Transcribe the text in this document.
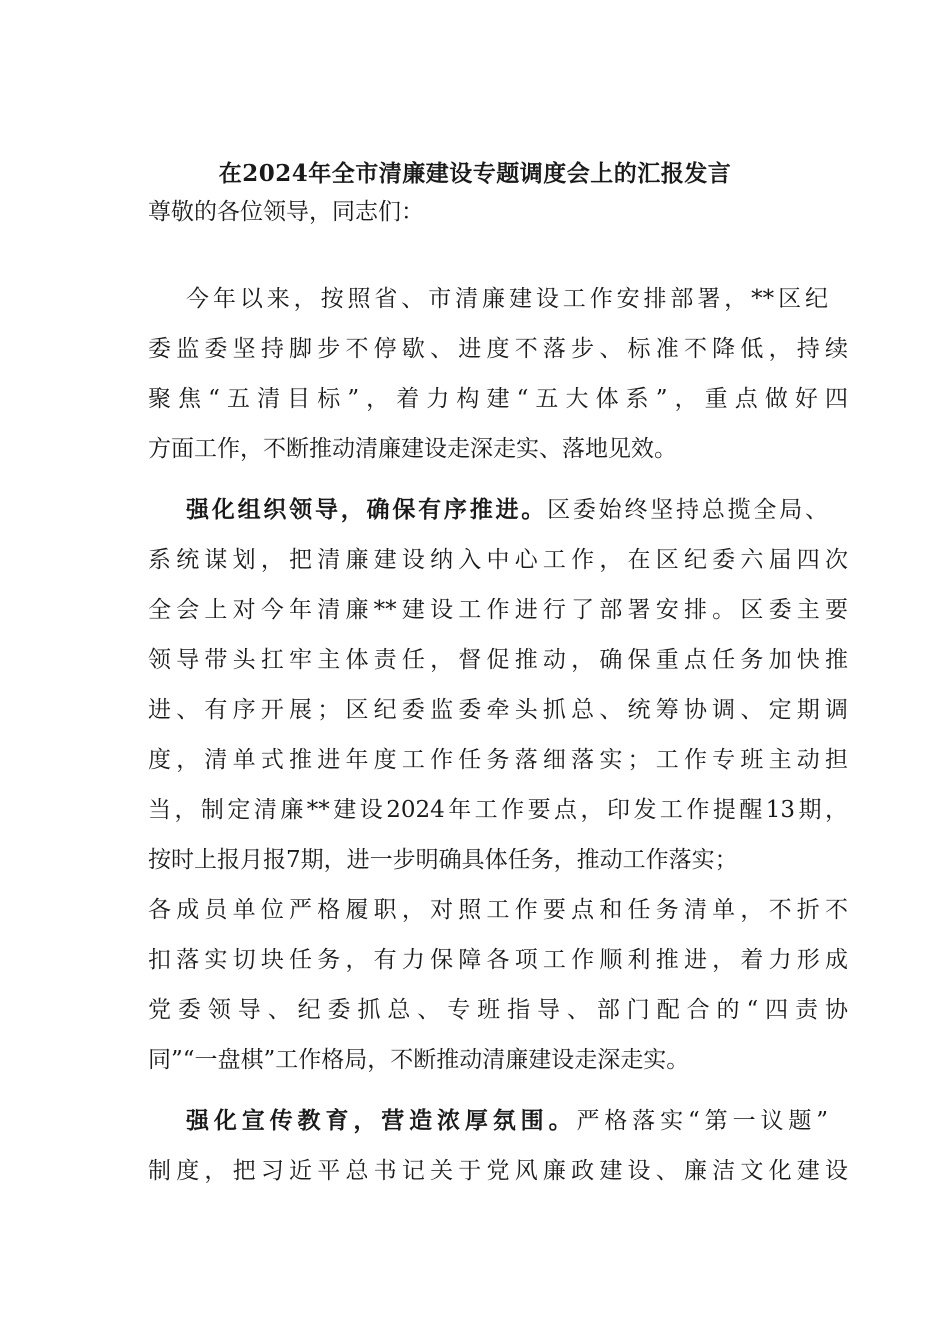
在2024年全市清廉建设专题调度会上的汇报发言

尊敬的各位领导，同志们：

今年以来，按照省、市清廉建设工作安排部署，**区纪

委监委坚持脚步不停歇、进度不落步、标准不降低，持续

聚焦“五清目标”，着力构建“五大体系”，重点做好四

方面工作，不断推动清廉建设走深走实、落地见效。

强化组织领导，确保有序推进。区委始终坚持总揽全局、

系统谋划，把清廉建设纳入中心工作，在区纪委六届四次

全会上对今年清廉**建设工作进行了部署安排。区委主要

领导带头扛牢主体责任，督促推动，确保重点任务加快推

进、有序开展；区纪委监委牵头抓总、统筹协调、定期调

度，清单式推进年度工作任务落细落实；工作专班主动担

当，制定清廉**建设2024年工作要点，印发工作提醒13期，

按时上报月报7期，进一步明确具体任务，推动工作落实；

各成员单位严格履职，对照工作要点和任务清单，不折不

扣落实切块任务，有力保障各项工作顺利推进，着力形成

党委领导、纪委抓总、专班指导、部门配合的“四责协

同”“一盘棋”工作格局，不断推动清廉建设走深走实。

强化宣传教育，营造浓厚氛围。严格落实“第一议题”

制度，把习近平总书记关于党风廉政建设、廉洁文化建设
